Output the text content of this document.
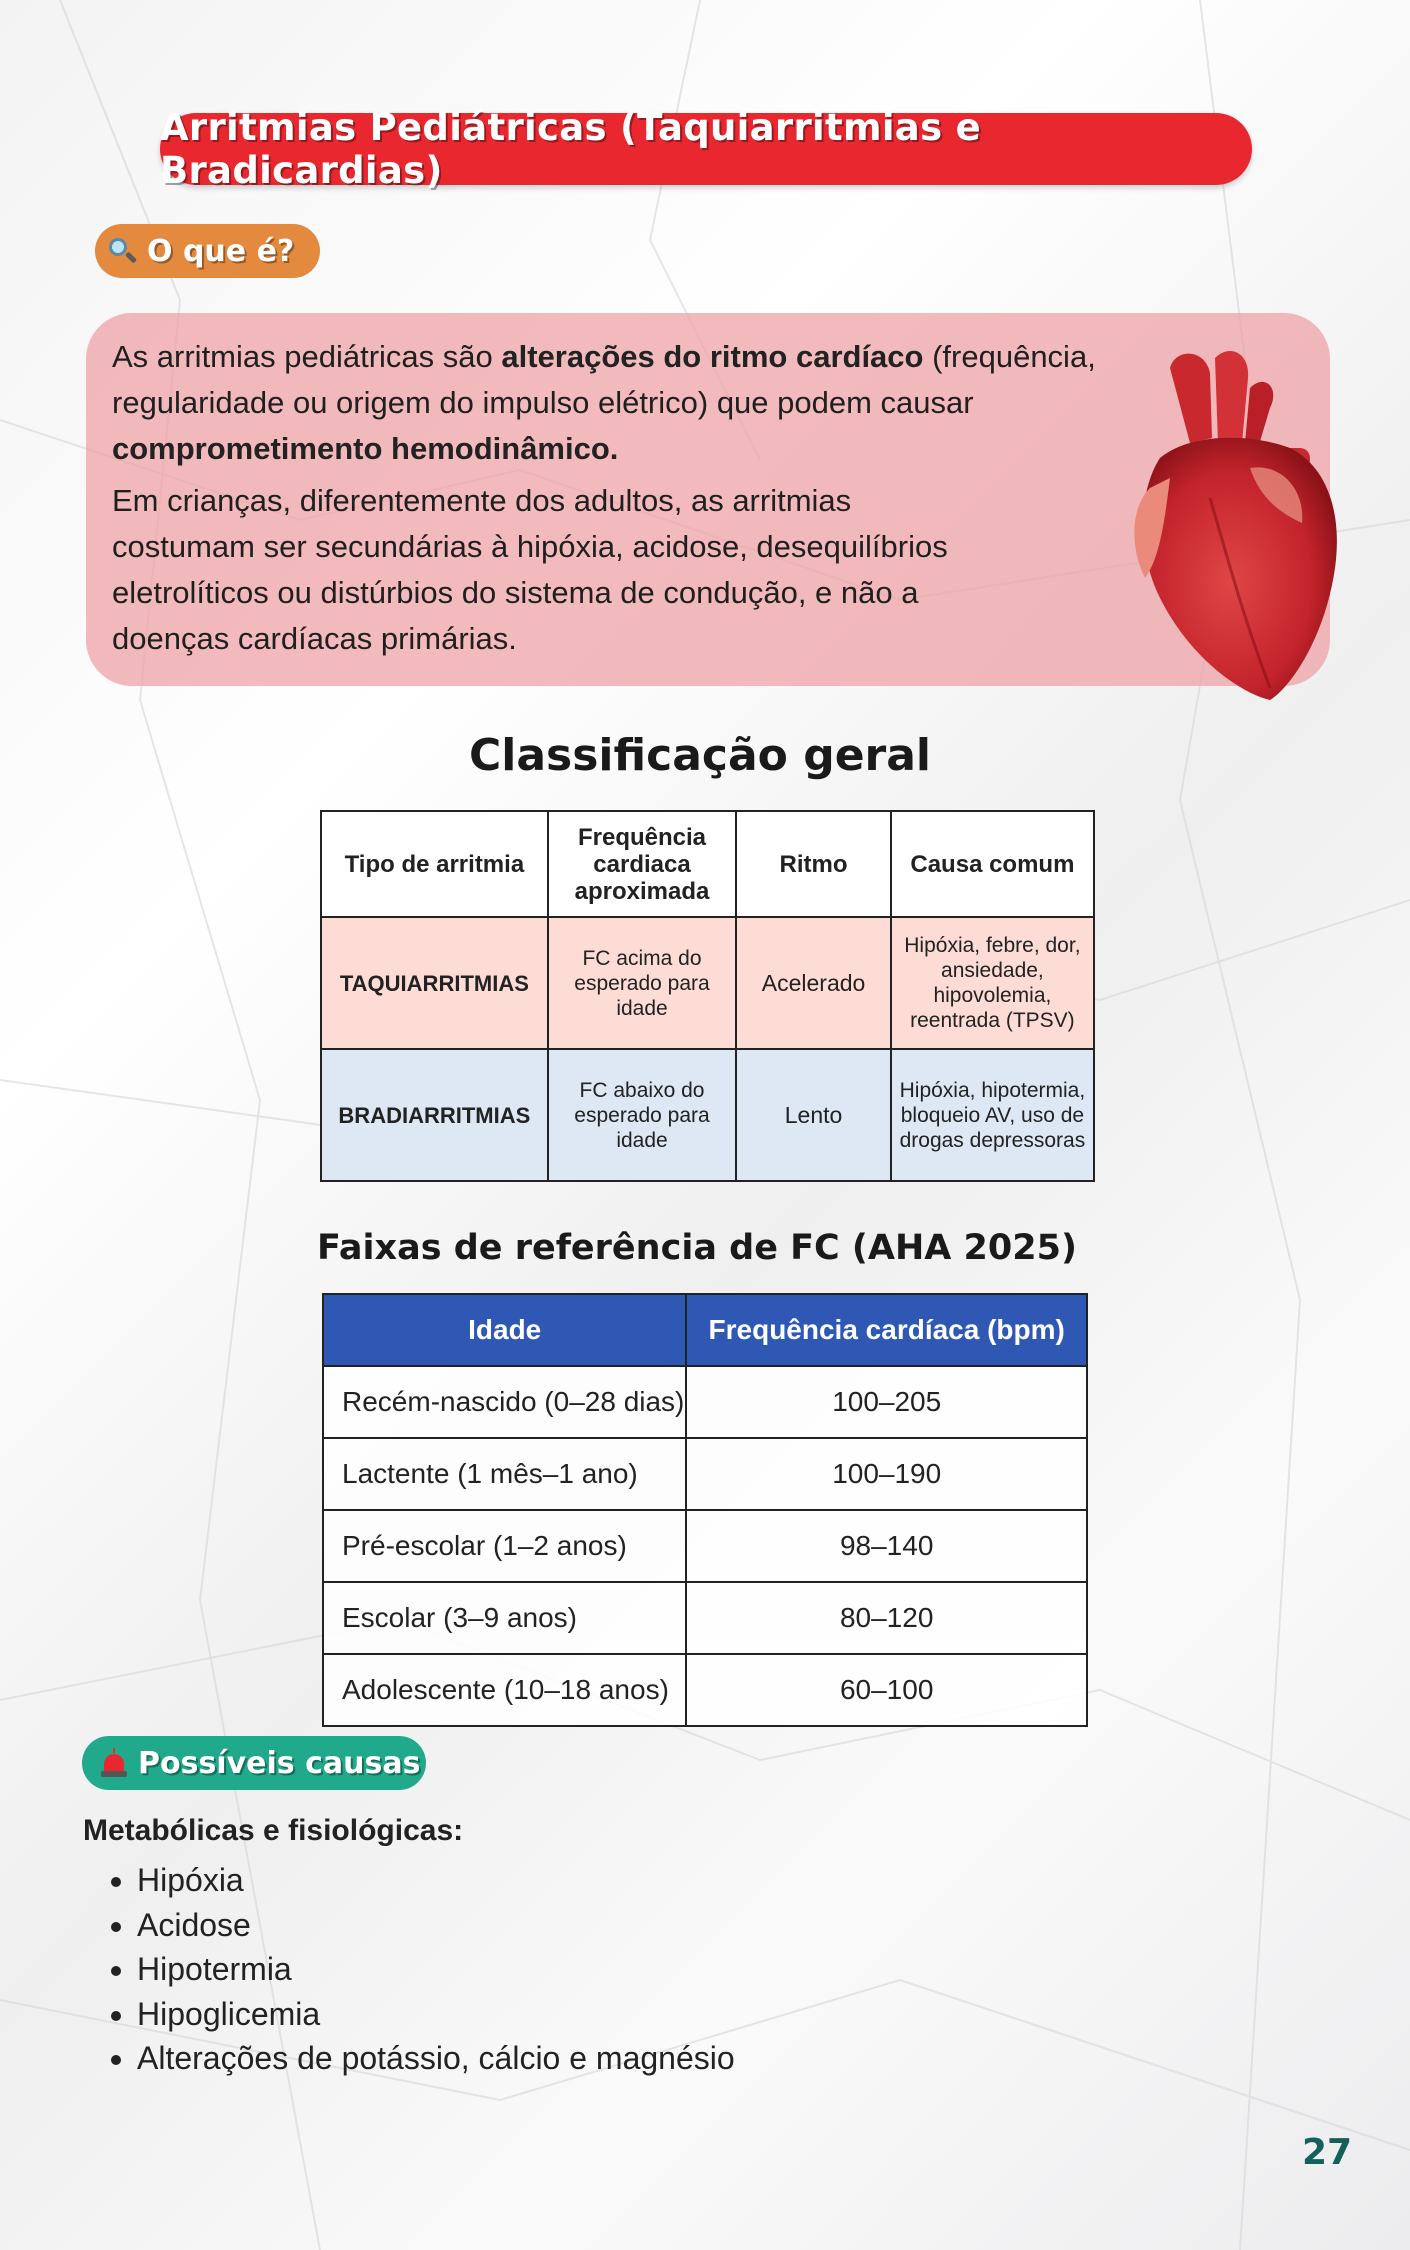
Arritmias Pediátricas (Taquiarritmias e Bradicardias)
O que é?

As arritmias pediátricas são alterações do ritmo cardíaco (frequência, regularidade ou origem do impulso elétrico) que podem causar comprometimento hemodinâmico.

Em crianças, diferentemente dos adultos, as arritmias costumam ser secundárias à hipóxia, acidose, desequilíbrios eletrolíticos ou distúrbios do sistema de condução, e não a doenças cardíacas primárias.

Classificação geral
Tipo de arritmia	Frequência cardiaca aproximada	Ritmo	Causa comum
TAQUIARRITMIAS	FC acima do esperado para idade	Acelerado	Hipóxia, febre, dor, ansiedade, hipovolemia, reentrada (TPSV)
BRADIARRITMIAS	FC abaixo do esperado para idade	Lento	Hipóxia, hipotermia, bloqueio AV, uso de drogas depressoras
Faixas de referência de FC (AHA 2025)
Idade	Frequência cardíaca (bpm)
Recém-nascido (0–28 dias)	100–205
Lactente (1 mês–1 ano)	100–190
Pré-escolar (1–2 anos)	98–140
Escolar (3–9 anos)	80–120
Adolescente (10–18 anos)	60–100
Possíveis causas
Metabólicas e fisiológicas:
• Hipóxia
• Acidose
• Hipotermia
• Hipoglicemia
• Alterações de potássio, cálcio e magnésio
27
